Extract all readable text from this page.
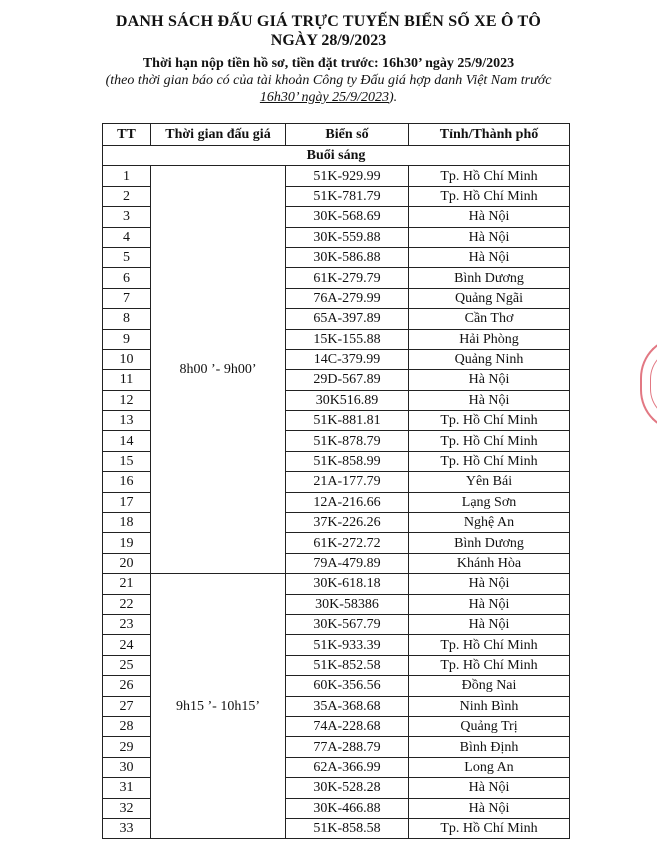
DANH SÁCH ĐẤU GIÁ TRỰC TUYẾN BIỂN SỐ XE Ô TÔ
NGÀY 28/9/2023
Thời hạn nộp tiền hồ sơ, tiền đặt trước: 16h30’ ngày 25/9/2023
(theo thời gian báo có của tài khoản Công ty Đấu giá hợp danh Việt Nam trước
16h30’ ngày 25/9/2023).
TT	Thời gian đấu giá	Biển số	Tỉnh/Thành phố
Buổi sáng			
1	8h00 ’- 9h00’	51K-929.99	Tp. Hồ Chí Minh
2		51K-781.79	Tp. Hồ Chí Minh
3		30K-568.69	Hà Nội
4		30K-559.88	Hà Nội
5		30K-586.88	Hà Nội
6		61K-279.79	Bình Dương
7		76A-279.99	Quảng Ngãi
8		65A-397.89	Cần Thơ
9		15K-155.88	Hải Phòng
10		14C-379.99	Quảng Ninh
11		29D-567.89	Hà Nội
12		30K516.89	Hà Nội
13		51K-881.81	Tp. Hồ Chí Minh
14		51K-878.79	Tp. Hồ Chí Minh
15		51K-858.99	Tp. Hồ Chí Minh
16		21A-177.79	Yên Bái
17		12A-216.66	Lạng Sơn
18		37K-226.26	Nghệ An
19		61K-272.72	Bình Dương
20		79A-479.89	Khánh Hòa
21	9h15 ’- 10h15’	30K-618.18	Hà Nội
22		30K-58386	Hà Nội
23		30K-567.79	Hà Nội
24		51K-933.39	Tp. Hồ Chí Minh
25		51K-852.58	Tp. Hồ Chí Minh
26		60K-356.56	Đồng Nai
27		35A-368.68	Ninh Bình
28		74A-228.68	Quảng Trị
29		77A-288.79	Bình Định
30		62A-366.99	Long An
31		30K-528.28	Hà Nội
32		30K-466.88	Hà Nội
33		51K-858.58	Tp. Hồ Chí Minh
